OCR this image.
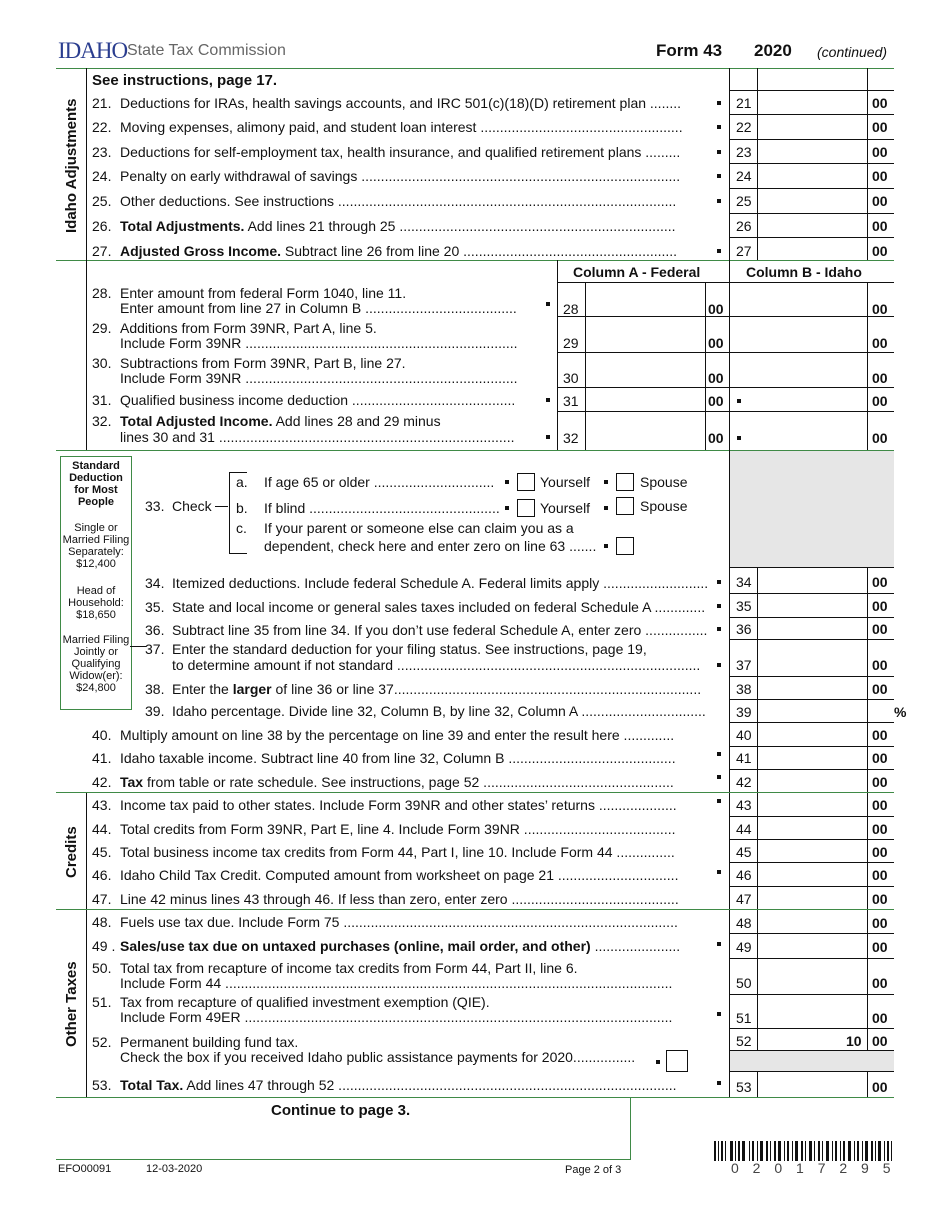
IDAHO State Tax Commission	Form 43 2020 (continued)
Column A - Federal	Column B - Idaho
Idaho Adjustments
Credits
Other Taxes
See instructions, page 17.
21. Deductions for IRAs, health savings accounts, and IRC 501(c)(18)(D) retirement plan ........	21	00
22. Moving expenses, alimony paid, and student loan interest ....................................................	22	00
23. Deductions for self-employment tax, health insurance, and qualified retirement plans .........	23	00
24. Penalty on early withdrawal of savings ..................................................................................	24	00
25. Other deductions. See instructions .......................................................................................	25	00
26. Total Adjustments. Add lines 21 through 25 .......................................................................	26	00
27. Adjusted Gross Income. Subtract line 26 from line 20 .......................................................	27	00
28. Enter amount from federal Form 1040, line 11.
Enter amount from line 27 in Column B .......................................	28	00	00
29. Additions from Form 39NR, Part A, line 5.
Include Form 39NR ......................................................................	29	00	00
30. Subtractions from Form 39NR, Part B, line 27.
Include Form 39NR ......................................................................	30	00	00
31. Qualified business income deduction ..........................................	31	00	00
32. Total Adjusted Income. Add lines 28 and 29 minus
lines 30 and 31 ............................................................................	32	00	00
Standard
Deduction
for Most
People
Single or
Married Filing
Separately:
$12,400
Head of
Household:
$18,650
Married Filing
Jointly or
Qualifying
Widow(er):
$24,800
33. Check
a. If age 65 or older ...............................	Yourself	Spouse
b. If blind .................................................	Yourself	Spouse
c. If your parent or someone else can claim you as a
dependent, check here and enter zero on line 63 .......
34. Itemized deductions. Include federal Schedule A. Federal limits apply ........................... 34	00
35. State and local income or general sales taxes included on federal Schedule A ............. 35	00
36. Subtract line 35 from line 34. If you don’t use federal Schedule A, enter zero ................ 36	00
37. Enter the standard deduction for your filing status. See instructions, page 19,
to determine amount if not standard ..............................................................................	37	00
38. Enter the larger of line 36 or line 37............................................................................... 38	00
39. Idaho percentage. Divide line 32, Column B, by line 32, Column A ................................ 39	%
40. Multiply amount on line 38 by the percentage on line 39 and enter the result here .............	40	00
41. Idaho taxable income. Subtract line 40 from line 32, Column B ...........................................	41	00
42. Tax from table or rate schedule. See instructions, page 52 .................................................	42	00
43. Income tax paid to other states. Include Form 39NR and other states’ returns ....................	43	00
44. Total credits from Form 39NR, Part E, line 4. Include Form 39NR .......................................	44	00
45. Total business income tax credits from Form 44, Part I, line 10. Include Form 44 ...............	45	00
46. Idaho Child Tax Credit. Computed amount from worksheet on page 21 ...............................	46	00
47. Line 42 minus lines 43 through 46. If less than zero, enter zero ...........................................	47	00
48. Fuels use tax due. Include Form 75 ......................................................................................	48	00
49 . Sales/use tax due on untaxed purchases (online, mail order, and other) ......................	49	00
50. Total tax from recapture of income tax credits from Form 44, Part II, line 6.
Include Form 44 ...................................................................................................................	50	00
51. Tax from recapture of qualified investment exemption (QIE).
Include Form 49ER ..............................................................................................................	51	00
52. Permanent building fund tax.
Check the box if you received Idaho public assistance payments for 2020................
52	10 00
53. Total Tax. Add lines 47 through 52 .......................................................................................	53	00
Continue to page 3.
EFO00091	12-03-2020	Page 2 of 3	0 2 0 1 7 2 9 5
